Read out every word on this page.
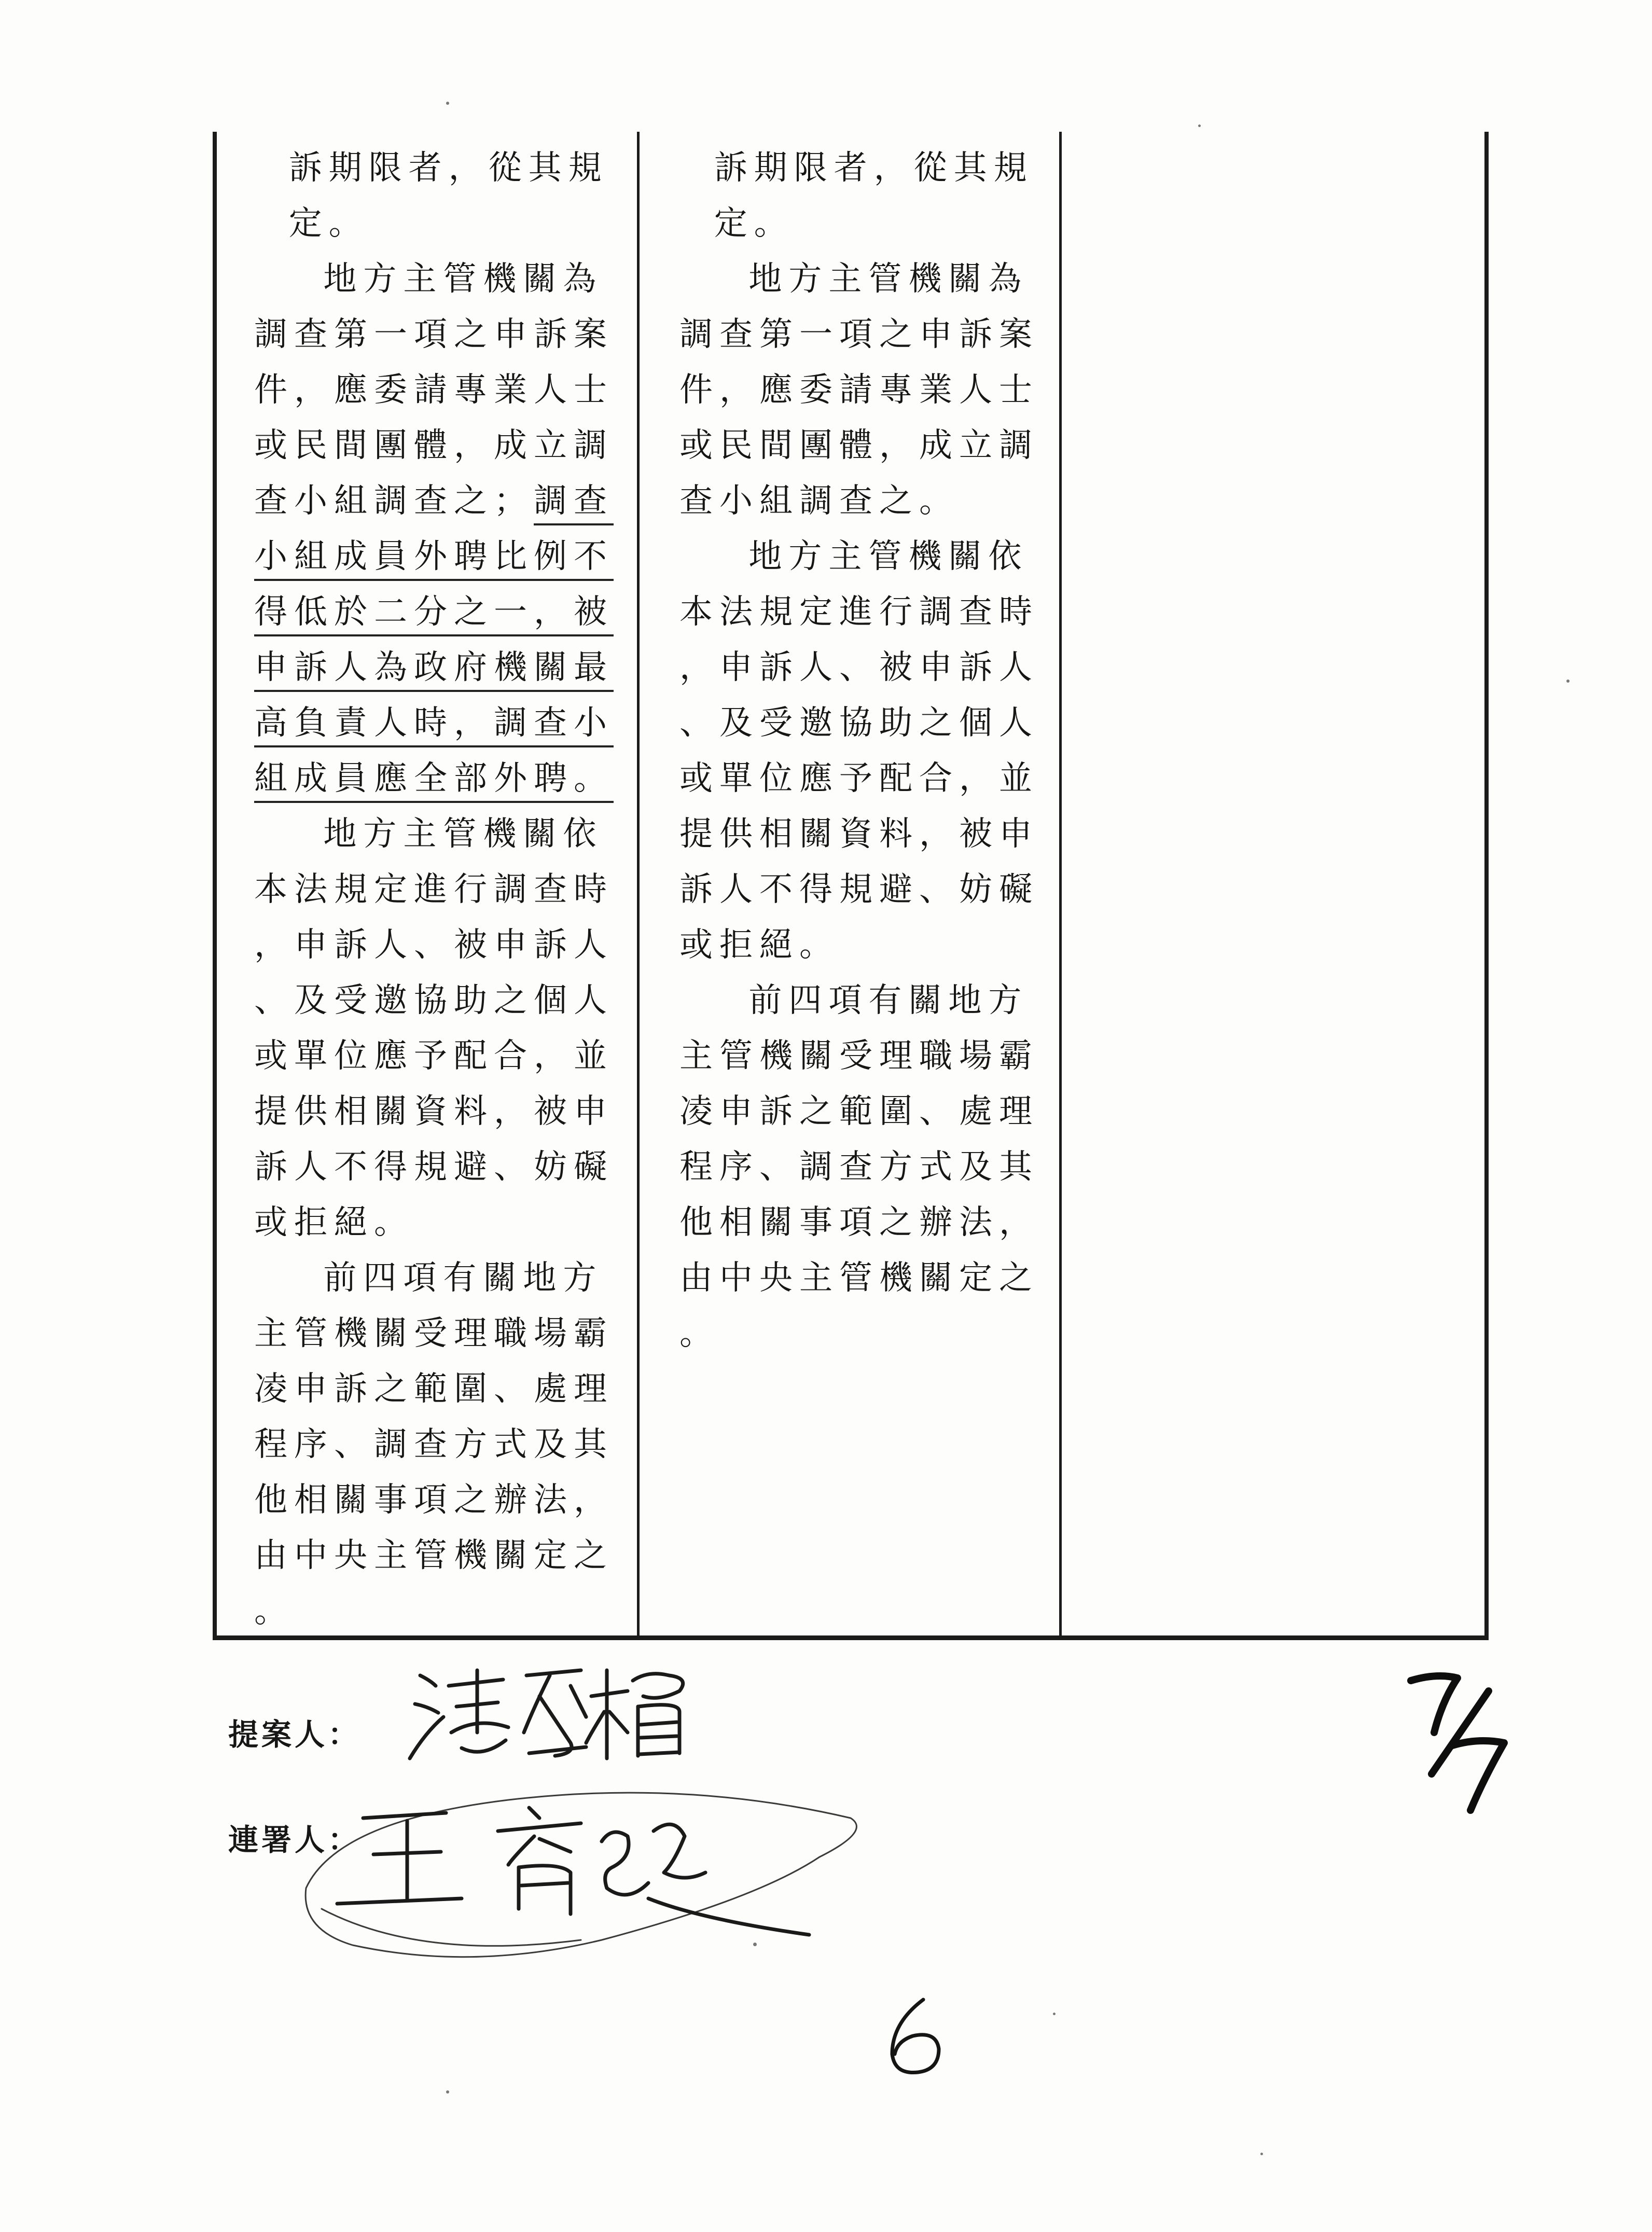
訴期限者，從其規
定。
地方主管機關為
調查第一項之申訴案
件，應委請專業人士
或民間團體，成立調
查小組調查之；調查
小組成員外聘比例不
得低於二分之一，被
申訴人為政府機關最
高負責人時，調查小
組成員應全部外聘。
地方主管機關依
本法規定進行調查時
，申訴人、被申訴人
、及受邀協助之個人
或單位應予配合，並
提供相關資料，被申
訴人不得規避、妨礙
或拒絕。
前四項有關地方
主管機關受理職場霸
凌申訴之範圍、處理
程序、調查方式及其
他相關事項之辦法，
由中央主管機關定之
。
訴期限者，從其規
定。
地方主管機關為
調查第一項之申訴案
件，應委請專業人士
或民間團體，成立調
查小組調查之。
地方主管機關依
本法規定進行調查時
，申訴人、被申訴人
、及受邀協助之個人
或單位應予配合，並
提供相關資料，被申
訴人不得規避、妨礙
或拒絕。
前四項有關地方
主管機關受理職場霸
凌申訴之範圍、處理
程序、調查方式及其
他相關事項之辦法，
由中央主管機關定之
。
提案人：
連署人：
